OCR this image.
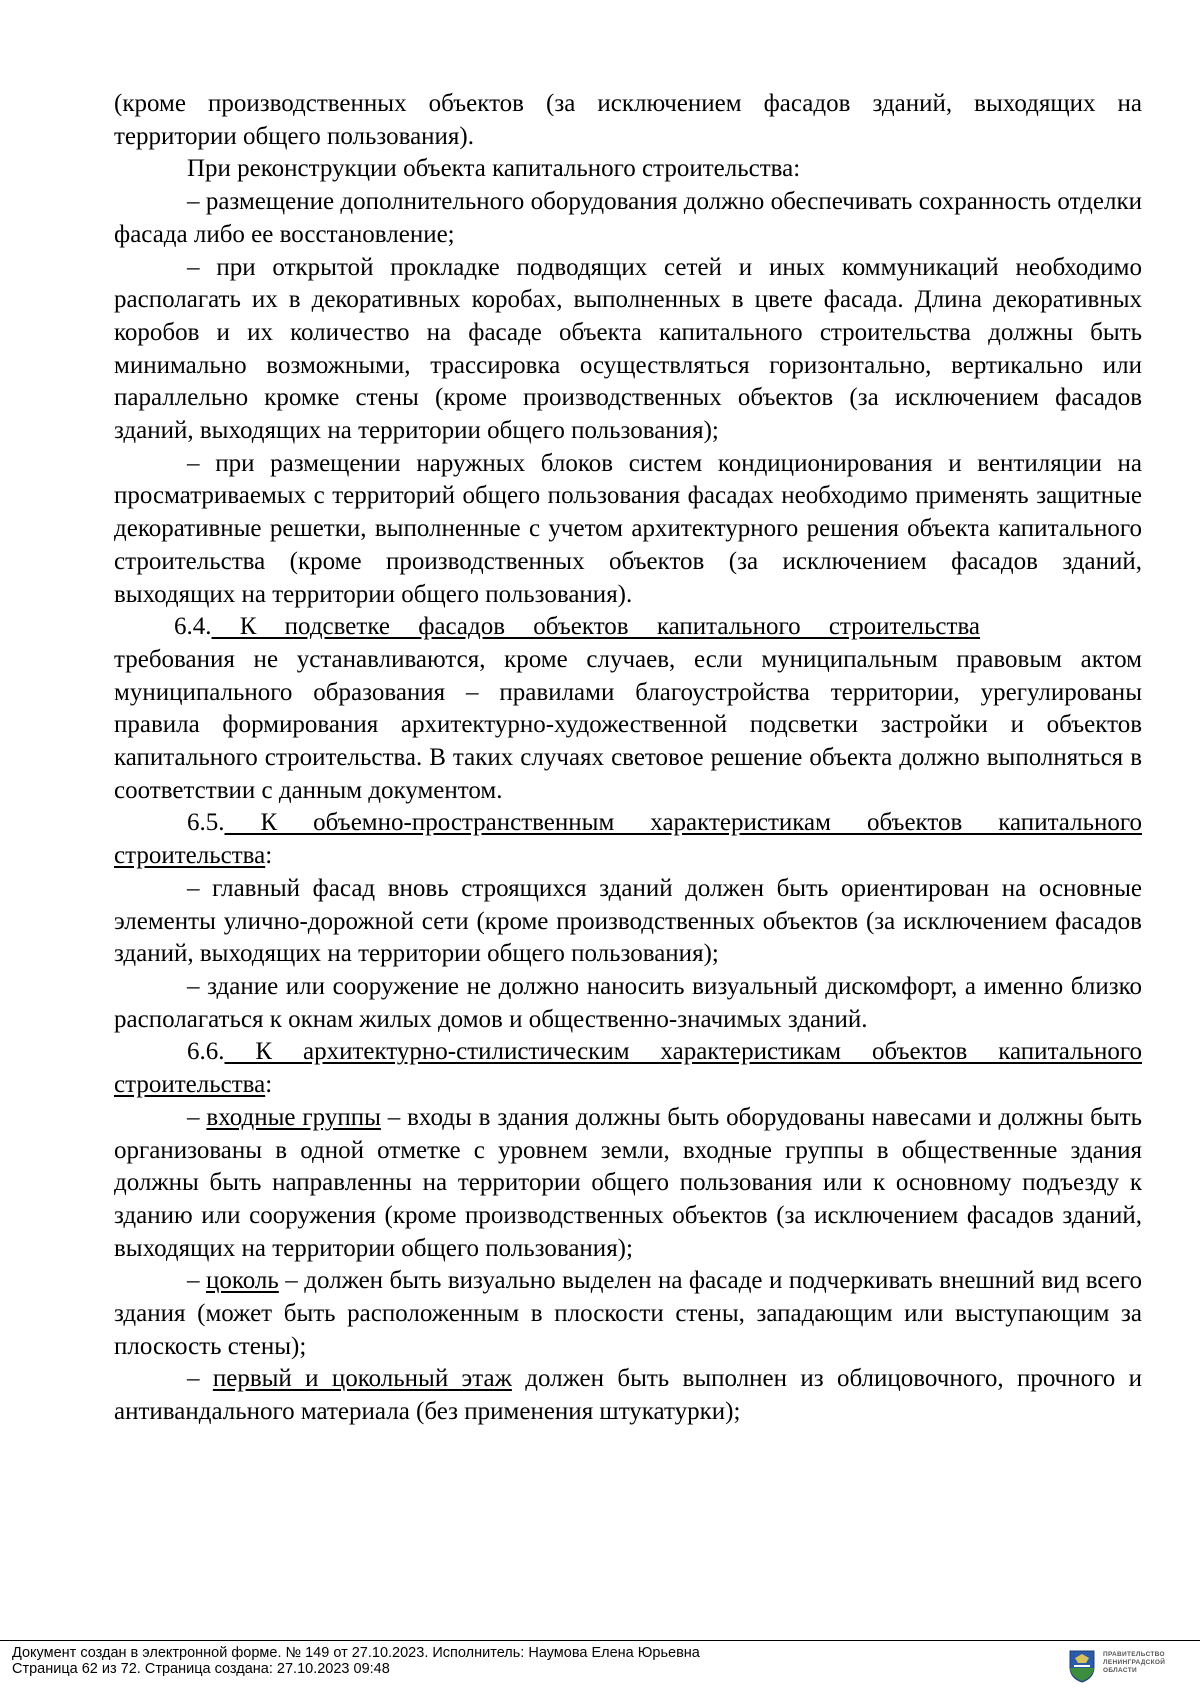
(кроме производственных объектов (за исключением фасадов зданий, выходящих на территории общего пользования).

При реконструкции объекта капитального строительства:

– размещение дополнительного оборудования должно обеспечивать сохранность отделки фасада либо ее восстановление;

– при открытой прокладке подводящих сетей и иных коммуникаций необходимо располагать их в декоративных коробах, выполненных в цвете фасада. Длина декоративных коробов и их количество на фасаде объекта капитального строительства должны быть минимально возможными, трассировка осуществляться горизонтально, вертикально или параллельно кромке стены (кроме производственных объектов (за исключением фасадов зданий, выходящих на территории общего пользования);

– при размещении наружных блоков систем кондиционирования и вентиляции на просматриваемых с территорий общего пользования фасадах необходимо применять защитные декоративные решетки, выполненные с учетом архитектурного решения объекта капитального строительства (кроме производственных объектов (за исключением фасадов зданий, выходящих на территории общего пользования).

6.4. К подсветке фасадов объектов капитального строительства
требования не устанавливаются, кроме случаев, если муниципальным правовым актом муниципального образования – правилами благоустройства территории, урегулированы правила формирования архитектурно-художественной подсветки застройки и объектов капитального строительства. В таких случаях световое решение объекта должно выполняться в соответствии с данным документом.

6.5. К объемно-пространственным характеристикам объектов капитального строительства:

– главный фасад вновь строящихся зданий должен быть ориентирован на основные элементы улично-дорожной сети (кроме производственных объектов (за исключением фасадов зданий, выходящих на территории общего пользования);

– здание или сооружение не должно наносить визуальный дискомфорт, а именно близко располагаться к окнам жилых домов и общественно-значимых зданий.

6.6. К архитектурно-стилистическим характеристикам объектов капитального строительства:

– входные группы – входы в здания должны быть оборудованы навесами и должны быть организованы в одной отметке с уровнем земли, входные группы в общественные здания должны быть направленны на территории общего пользования или к основному подъезду к зданию или сооружения (кроме производственных объектов (за исключением фасадов зданий, выходящих на территории общего пользования);

– цоколь – должен быть визуально выделен на фасаде и подчеркивать внешний вид всего здания (может быть расположенным в плоскости стены, западающим или выступающим за плоскость стены);

– первый и цокольный этаж должен быть выполнен из облицовочного, прочного и антивандального материала (без применения штукатурки);

Документ создан в электронной форме. № 149 от 27.10.2023. Исполнитель: Наумова Елена Юрьевна
Страница 62 из 72. Страница создана: 27.10.2023 09:48
ПРАВИТЕЛЬСТВО
ЛЕНИНГРАДСКОЙ
ОБЛАСТИ
